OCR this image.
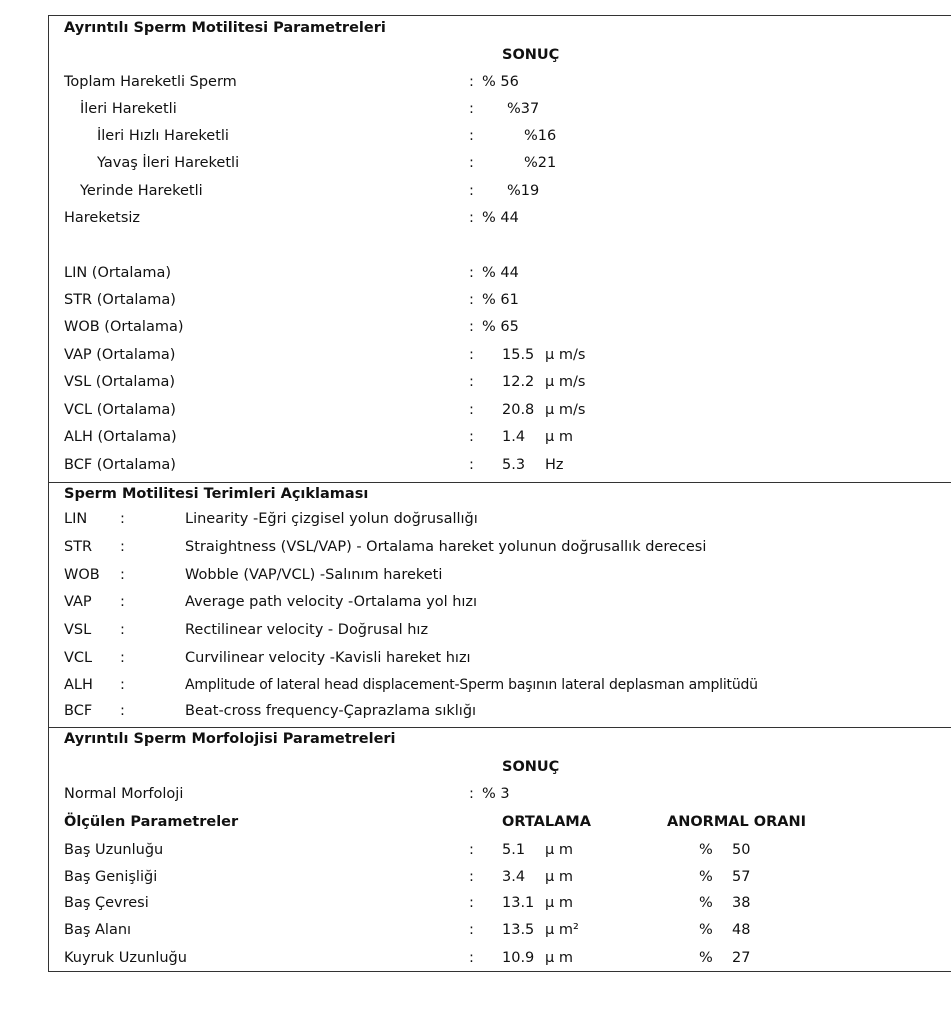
Ayrıntılı Sperm Motilitesi Parametreleri
SONUÇ
Toplam Hareketli Sperm	: % 56
İleri Hareketli	: %37
İleri Hızlı Hareketli	:	%16
Yavaş İleri Hareketli	:	%21
Yerinde Hareketli	: %19
Hareketsiz	: % 44
LIN (Ortalama)	: % 44
STR (Ortalama)	: % 61
WOB (Ortalama)	: % 65
VAP (Ortalama)	: 15.5 μ m/s
VSL (Ortalama)	: 12.2 μ m/s
VCL (Ortalama)	: 20.8 μ m/s
ALH (Ortalama)	: 1.4 μ m
BCF (Ortalama)	: 5.3 Hz
Sperm Motilitesi Terimleri Açıklaması
LIN :	Linearity -Eğri çizgisel yolun doğrusallığı
STR :	Straightness (VSL/VAP) - Ortalama hareket yolunun doğrusallık derecesi
WOB :	Wobble (VAP/VCL) -Salınım hareketi
VAP :	Average path velocity -Ortalama yol hızı
VSL :	Rectilinear velocity - Doğrusal hız
VCL :	Curvilinear velocity -Kavisli hareket hızı
ALH :	Amplitude of lateral head displacement-Sperm başının lateral deplasman amplitüdü
BCF :	Beat-cross frequency-Çaprazlama sıklığı
Ayrıntılı Sperm Morfolojisi Parametreleri
SONUÇ
Normal Morfoloji	: % 3
Ölçülen Parametreler	ORTALAMA	ANORMAL ORANI
Baş Uzunluğu	: 5.1 μ m	% 50
Baş Genişliği	: 3.4 μ m	% 57
Baş Çevresi	: 13.1 μ m	% 38
Baş Alanı	: 13.5 μ m²	% 48
Kuyruk Uzunluğu	: 10.9 μ m	% 27
